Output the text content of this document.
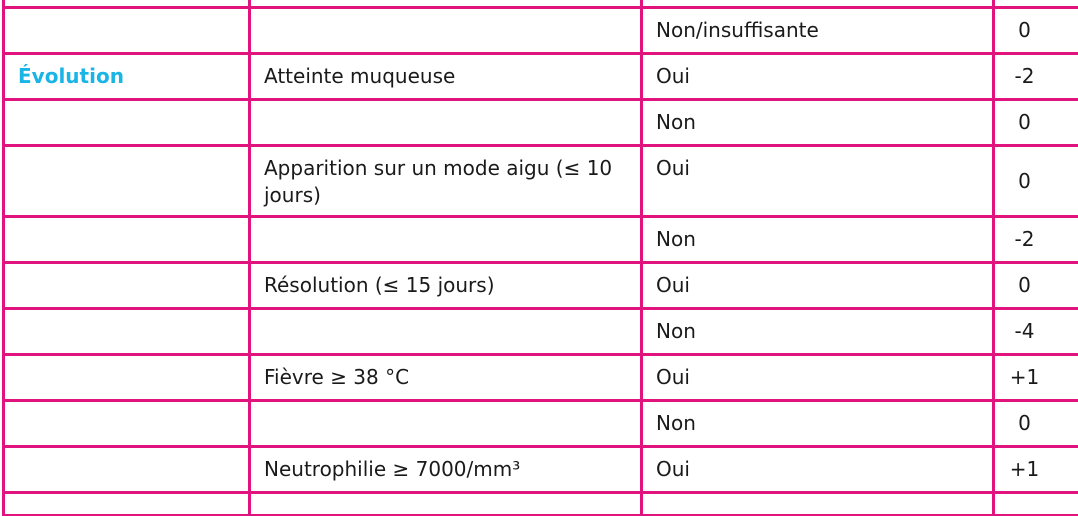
		Non/insuffisante	0
Évolution	Atteinte muqueuse	Oui	-2
		Non	0
	Apparition sur un mode aigu (≤ 10 jours)	Oui	0
		Non	-2
	Résolution (≤ 15 jours)	Oui	0
		Non	-4
	Fièvre ≥ 38 °C	Oui	+1
		Non	0
	Neutrophilie ≥ 7000/mm³	Oui	+1
